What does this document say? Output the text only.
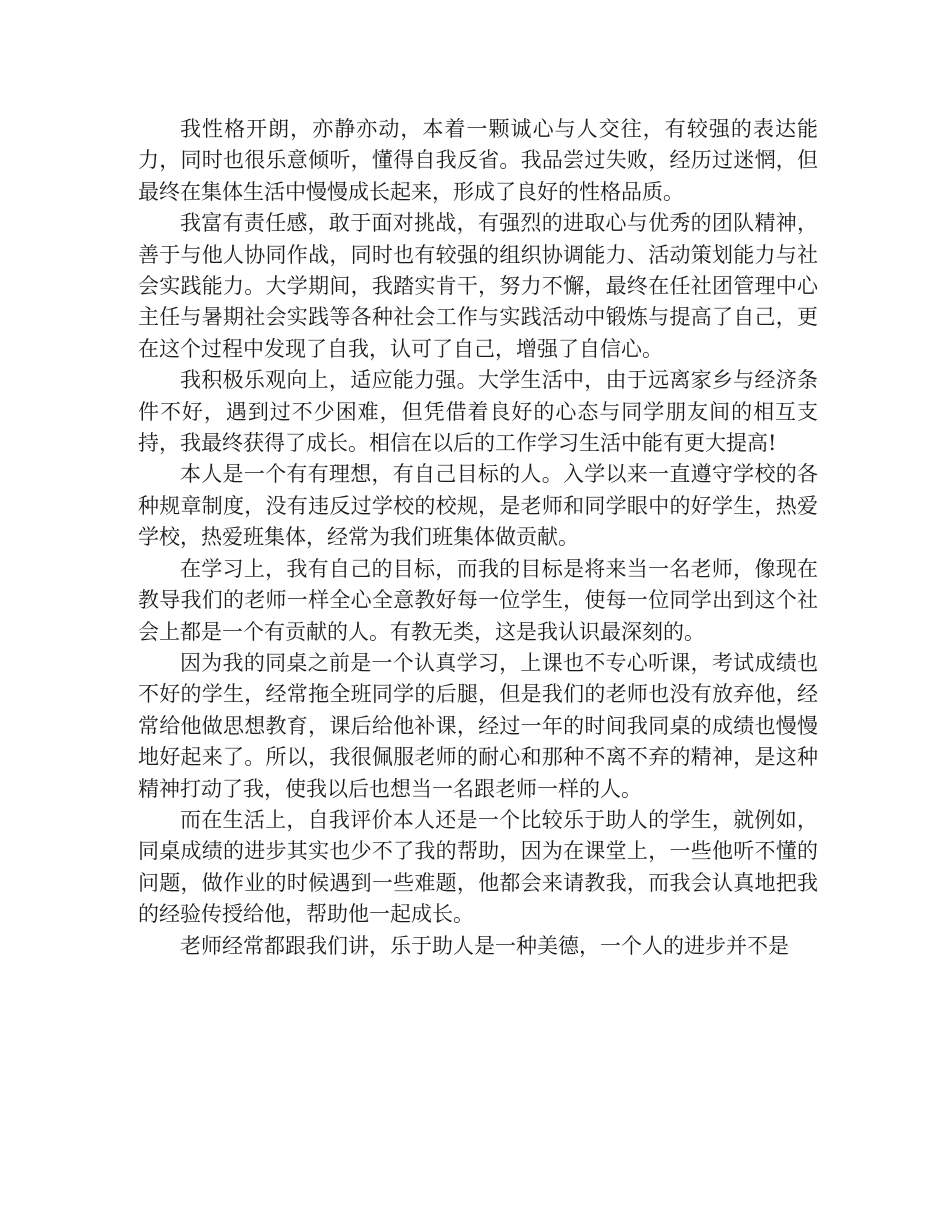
我性格开朗，亦静亦动，本着一颗诚心与人交往，有较强的表达能力，同时也很乐意倾听，懂得自我反省。我品尝过失败，经历过迷惘，但最终在集体生活中慢慢成长起来，形成了良好的性格品质。

我富有责任感，敢于面对挑战，有强烈的进取心与优秀的团队精神，善于与他人协同作战，同时也有较强的组织协调能力、活动策划能力与社会实践能力。大学期间，我踏实肯干，努力不懈，最终在任社团管理中心主任与暑期社会实践等各种社会工作与实践活动中锻炼与提高了自己，更在这个过程中发现了自我，认可了自己，增强了自信心。

我积极乐观向上，适应能力强。大学生活中，由于远离家乡与经济条件不好，遇到过不少困难，但凭借着良好的心态与同学朋友间的相互支持，我最终获得了成长。相信在以后的工作学习生活中能有更大提高!

本人是一个有有理想，有自己目标的人。入学以来一直遵守学校的各种规章制度，没有违反过学校的校规，是老师和同学眼中的好学生，热爱学校，热爱班集体，经常为我们班集体做贡献。

在学习上，我有自己的目标，而我的目标是将来当一名老师，像现在教导我们的老师一样全心全意教好每一位学生，使每一位同学出到这个社会上都是一个有贡献的人。有教无类，这是我认识最深刻的。

因为我的同桌之前是一个认真学习，上课也不专心听课，考试成绩也不好的学生，经常拖全班同学的后腿，但是我们的老师也没有放弃他，经常给他做思想教育，课后给他补课，经过一年的时间我同桌的成绩也慢慢地好起来了。所以，我很佩服老师的耐心和那种不离不弃的精神，是这种精神打动了我，使我以后也想当一名跟老师一样的人。

而在生活上，自我评价本人还是一个比较乐于助人的学生，就例如，同桌成绩的进步其实也少不了我的帮助，因为在课堂上，一些他听不懂的问题，做作业的时候遇到一些难题，他都会来请教我，而我会认真地把我的经验传授给他，帮助他一起成长。

老师经常都跟我们讲，乐于助人是一种美德，一个人的进步并不是
